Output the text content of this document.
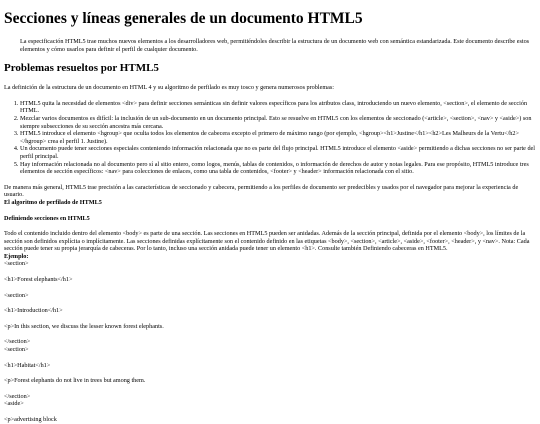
Secciones y líneas generales de un documento HTML5

La especificación HTML5 trae muchos nuevos elementos a los desarrolladores web, permitiéndoles describir la estructura de un documento web con semántica estandarizada. Este documento describe estos elementos y cómo usarlos para definir el perfil de cualquier documento.

Problemas resueltos por HTML5

La definición de la estructura de un documento en HTML 4 y su algoritmo de perfilado es muy tosco y genera numerosos problemas:

1. HTML5 quita la necesidad de elementos <div> para definir secciones semánticas sin definir valores específicos para los atributos class, introduciendo un nuevo elemento, <section>, el elemento de sección HTML.
2. Mezclar varios documentos es difícil: la inclusión de un sub-documento en un documento principal. Esto se resuelve en HTML5 con los elementos de seccionado (<article>, <section>, <nav> y <aside>) son siempre subsecciones de su sección ancestra más cercana.
3. HTML5 introduce el elemento <hgroup> que oculta todos los elementos de cabecera excepto el primero de máximo rango (por ejemplo, <hgroup><h1>Justine</h1><h2>Les Malheurs de la Vertu</h2></hgroup> crea el perfil 1. Justine).
4. Un documento puede tener secciones especiales conteniendo información relacionada que no es parte del flujo principal. HTML5 introduce el elemento <aside> permitiendo a dichas secciones no ser parte del perfil principal.
5. Hay información relacionada no al documento pero sí al sitio entero, como logos, menús, tablas de contenidos, o información de derechos de autor y notas legales. Para ese propósito, HTML5 introduce tres elementos de sección específicos: <nav> para colecciones de enlaces, como una tabla de contenidos, <footer> y <header> información relacionada con el sitio.

De manera más general, HTML5 trae precisión a las características de seccionado y cabecera, permitiendo a los perfiles de documento ser predecibles y usados por el navegador para mejorar la experiencia de usuario.

El algoritmo de perfilado de HTML5

Definiendo secciones en HTML5

Todo el contenido incluido dentro del elemento <body> es parte de una sección. Las secciones en HTML5 pueden ser anidadas. Además de la sección principal, definida por el elemento <body>, los límites de la sección son definidos explícita o implícitamente. Las secciones definidas explícitamente son el contenido definido en las etiquetas <body>, <section>, <article>, <aside>, <footer>, <header>, y <nav>. Nota: Cada sección puede tener su propia jerarquía de cabeceras. Por lo tanto, incluso una sección anidada puede tener un elemento <h1>. Consulte también Definiendo cabeceras en HTML5.

Ejemplo:

<section>

<h1>Forest elephants</h1>

<section>

<h1>Introduction</h1>

<p>In this section, we discuss the lesser known forest elephants.

</section>

<section>

<h1>Habitat</h1>

<p>Forest elephants do not live in trees but among them.

</section>

<aside>

<p>advertising block
